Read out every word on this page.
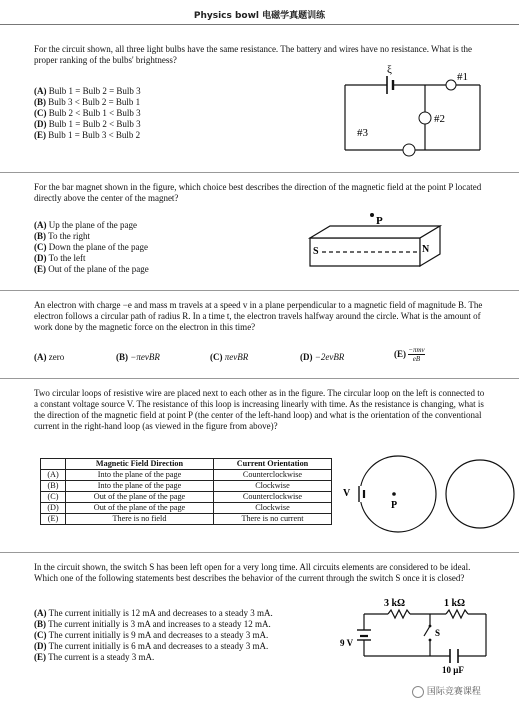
Physics bowl 电磁学真题训练
For the circuit shown, all three light bulbs have the same resistance. The battery and wires have no resistance. What is the proper ranking of the bulbs' brightness?
(A) Bulb 1 = Bulb 2 = Bulb 3
(B) Bulb 3 < Bulb 2 = Bulb 1
(C) Bulb 2 < Bulb 1 < Bulb 3
(D) Bulb 1 = Bulb 2 < Bulb 3
(E) Bulb 1 = Bulb 3 < Bulb 2
ξ
#1
#2
#3
For the bar magnet shown in the figure, which choice best describes the direction of the magnetic field at the point P located directly above the center of the magnet?
(A) Up the plane of the page
(B) To the right
(C) Down the plane of the page
(D) To the left
(E) Out of the plane of the page
P
S	N
An electron with charge −e and mass m travels at a speed v in a plane perpendicular to a magnetic field of magnitude B. The electron follows a circular path of radius R. In a time t, the electron travels halfway around the circle. What is the amount of work done by the magnetic force on the electron in this time?
(A) zero	(B) −πevBR	(C) πevBR	(D) −2evBR	(E) −πmv
eB
Two circular loops of resistive wire are placed next to each other as in the figure. The circular loop on the left is connected to a constant voltage source V. The resistance of this loop is increasing linearly with time. As the resistance is changing, what is the direction of the magnetic field at point P (the center of the left-hand loop) and what is the orientation of the conventional current in the right-hand loop (as viewed in the figure from above)?
	Magnetic Field Direction	Current Orientation
(A)	Into the plane of the page	Counterclockwise
(B)	Into the plane of the page	Clockwise
(C)	Out of the plane of the page	Counterclockwise
(D)	Out of the plane of the page	Clockwise
(E)	There is no field	There is no current
V
P
In the circuit shown, the switch S has been left open for a very long time. All circuits elements are considered to be ideal. Which one of the following statements best describes the behavior of the current through the switch S once it is closed?
(A) The current initially is 12 mA and decreases to a steady 3 mA.
(B) The current initially is 3 mA and increases to a steady 12 mA.
(C) The current initially is 9 mA and decreases to a steady 3 mA.
(D) The current initially is 6 mA and decreases to a steady 3 mA.
(E) The current is a steady 3 mA.
3 kΩ	1 kΩ
S
9 V
10 μF
国际竞赛课程
